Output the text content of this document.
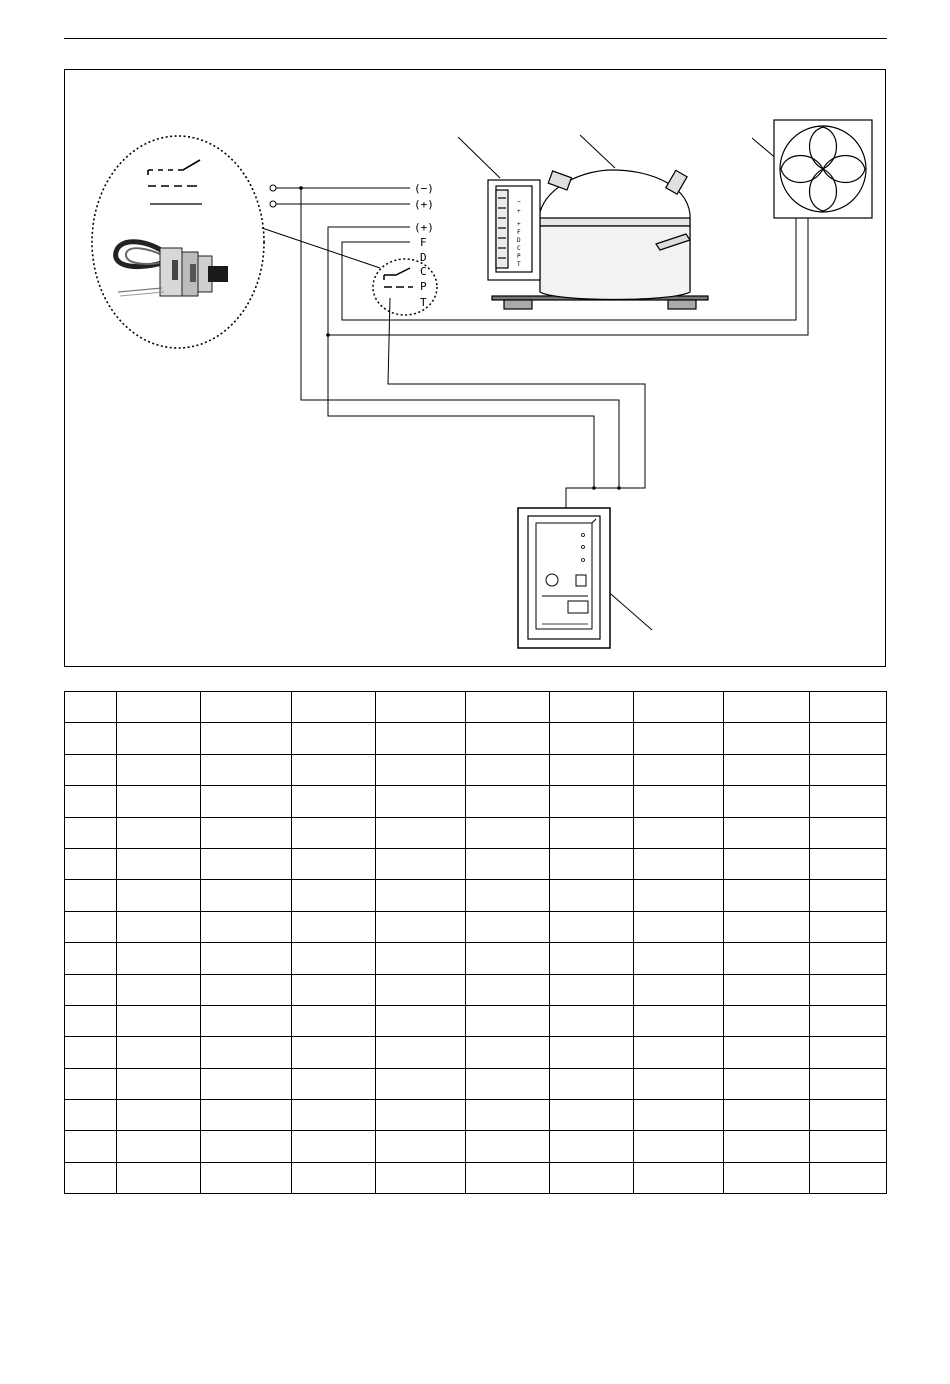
(−)
(+)
(+)
F
D
C
P
T
−
+
+
F
D
C
P
T
